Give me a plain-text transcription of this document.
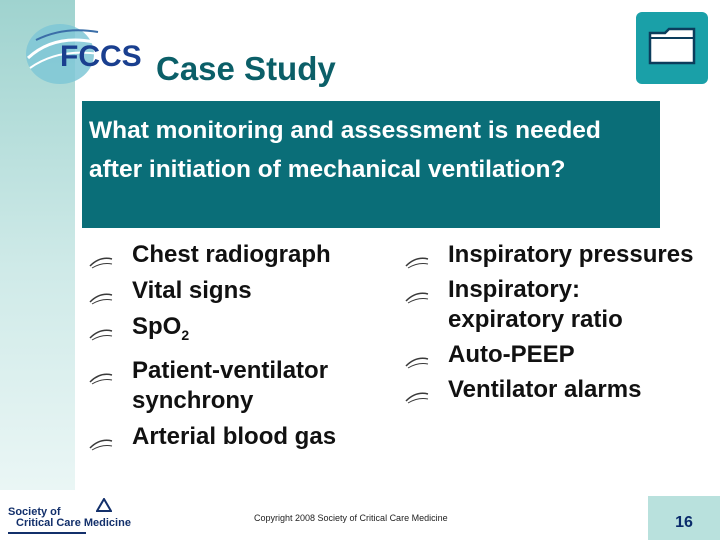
FCCS Case Study
What monitoring and assessment is needed after initiation of mechanical ventilation?
Chest radiograph
Vital signs
SpO$_2$
Patient-ventilator synchrony
Arterial blood gas
Inspiratory pressures
Inspiratory: expiratory ratio
Auto-PEEP
Ventilator alarms
Society of
Critical Care Medicine	Copyright 2008 Society of Critical Care Medicine	16
